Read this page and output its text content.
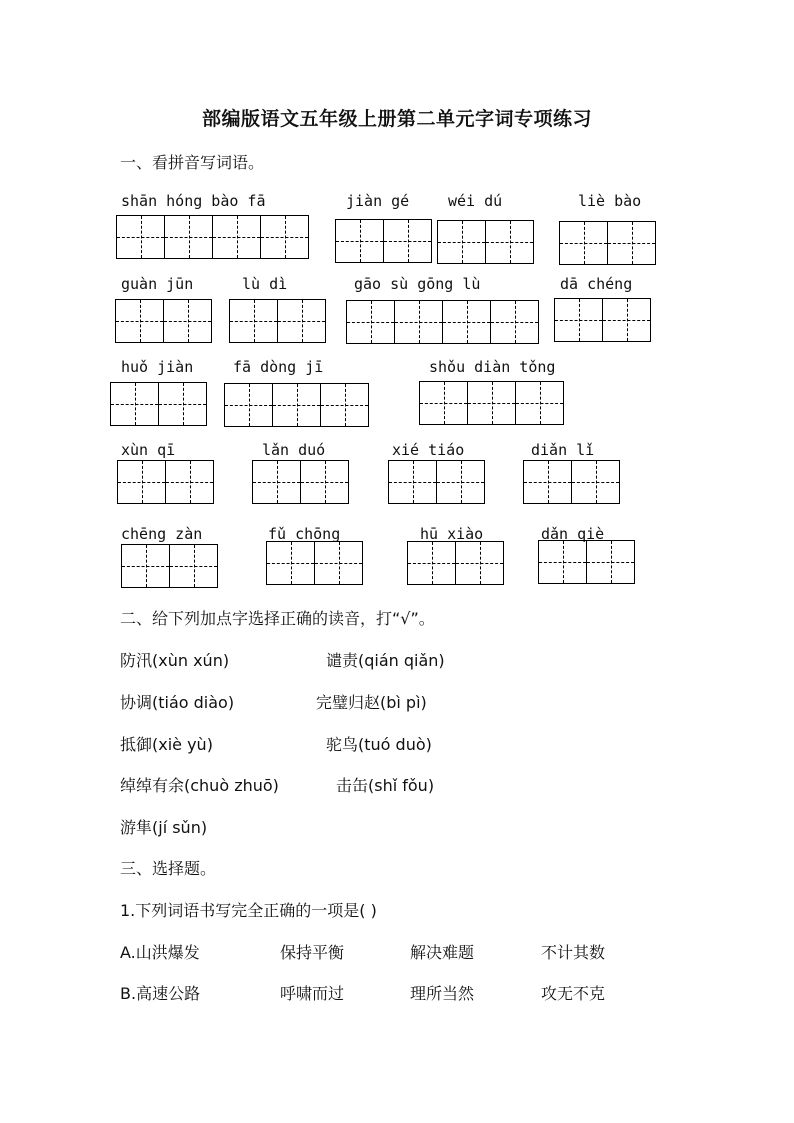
部编版语文五年级上册第二单元字词专项练习
一、看拼音写词语。
shān hóng bào fā	jiàn gé	wéi dú	liè bào
guàn jūn	lù dì	gāo sù gōng lù	dā chéng
huǒ jiàn	fā dòng jī	shǒu diàn tǒng
xùn qī	lǎn duó	xié tiáo	diǎn lǐ
chēng zàn	fǔ chōng	hū xiào	dǎn qiè
二、给下列加点字选择正确的读音，打“√”。
防汛(xùn xún)	谴责(qián qiǎn)
协调(tiáo diào)	完璧归赵(bì pì)
抵御(xiè yù)	驼鸟(tuó duò)
绰绰有余(chuò zhuō)	击缶(shǐ fǒu)
游隼(jí sǔn)
三、选择题。
1.下列词语书写完全正确的一项是( )
A.山洪爆发	保持平衡	解决难题	不计其数
B.高速公路	呼啸而过	理所当然	攻无不克
